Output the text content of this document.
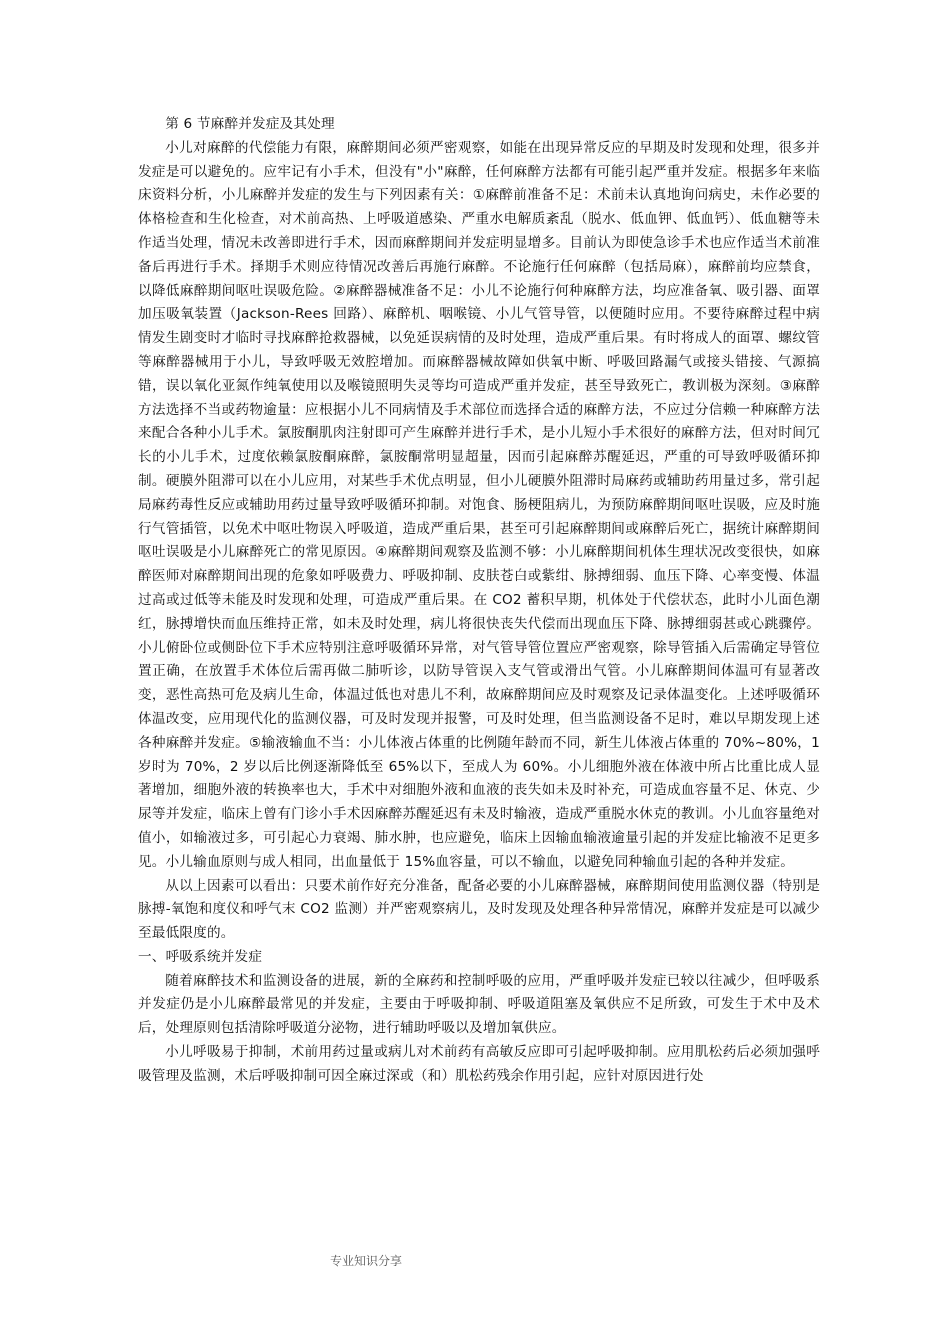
第 6 节麻醉并发症及其处理

小儿对麻醉的代偿能力有限，麻醉期间必须严密观察，如能在出现异常反应的早期及时发现和处理，很多并发症是可以避免的。应牢记有小手术，但没有"小"麻醉，任何麻醉方法都有可能引起严重并发症。根据多年来临床资料分析，小儿麻醉并发症的发生与下列因素有关：①麻醉前准备不足：术前未认真地询问病史，未作必要的体格检查和生化检查，对术前高热、上呼吸道感染、严重水电解质紊乱（脱水、低血钾、低血钙）、低血糖等未作适当处理，情况未改善即进行手术，因而麻醉期间并发症明显增多。目前认为即使急诊手术也应作适当术前准备后再进行手术。择期手术则应待情况改善后再施行麻醉。不论施行任何麻醉（包括局麻），麻醉前均应禁食，以降低麻醉期间呕吐误吸危险。②麻醉器械准备不足：小儿不论施行何种麻醉方法，均应准备氧、吸引器、面罩加压吸氧装置（Jackson-Rees 回路）、麻醉机、咽喉镜、小儿气管导管，以便随时应用。不要待麻醉过程中病情发生剧变时才临时寻找麻醉抢救器械，以免延误病情的及时处理，造成严重后果。有时将成人的面罩、螺纹管等麻醉器械用于小儿，导致呼吸无效腔增加。而麻醉器械故障如供氧中断、呼吸回路漏气或接头错接、气源搞错，误以氧化亚氮作纯氧使用以及喉镜照明失灵等均可造成严重并发症，甚至导致死亡，教训极为深刻。③麻醉方法选择不当或药物逾量：应根据小儿不同病情及手术部位而选择合适的麻醉方法，不应过分信赖一种麻醉方法来配合各种小儿手术。氯胺酮肌肉注射即可产生麻醉并进行手术，是小儿短小手术很好的麻醉方法，但对时间冗长的小儿手术，过度依赖氯胺酮麻醉，氯胺酮常明显超量，因而引起麻醉苏醒延迟，严重的可导致呼吸循环抑制。硬膜外阻滞可以在小儿应用，对某些手术优点明显，但小儿硬膜外阻滞时局麻药或辅助药用量过多，常引起局麻药毒性反应或辅助用药过量导致呼吸循环抑制。对饱食、肠梗阻病儿，为预防麻醉期间呕吐误吸，应及时施行气管插管，以免术中呕吐物误入呼吸道，造成严重后果，甚至可引起麻醉期间或麻醉后死亡，据统计麻醉期间呕吐误吸是小儿麻醉死亡的常见原因。④麻醉期间观察及监测不够：小儿麻醉期间机体生理状况改变很快，如麻醉医师对麻醉期间出现的危象如呼吸费力、呼吸抑制、皮肤苍白或紫绀、脉搏细弱、血压下降、心率变慢、体温过高或过低等未能及时发现和处理，可造成严重后果。在 CO2 蓄积早期，机体处于代偿状态，此时小儿面色潮红，脉搏增快而血压维持正常，如未及时处理，病儿将很快丧失代偿而出现血压下降、脉搏细弱甚或心跳骤停。小儿俯卧位或侧卧位下手术应特别注意呼吸循环异常，对气管导管位置应严密观察，除导管插入后需确定导管位置正确，在放置手术体位后需再做二肺听诊，以防导管误入支气管或滑出气管。小儿麻醉期间体温可有显著改变，恶性高热可危及病儿生命，体温过低也对患儿不利，故麻醉期间应及时观察及记录体温变化。上述呼吸循环体温改变，应用现代化的监测仪器，可及时发现并报警，可及时处理，但当监测设备不足时，难以早期发现上述各种麻醉并发症。⑤输液输血不当：小儿体液占体重的比例随年龄而不同，新生儿体液占体重的 70%~80%，1 岁时为 70%，2 岁以后比例逐渐降低至 65%以下，至成人为 60%。小儿细胞外液在体液中所占比重比成人显著增加，细胞外液的转换率也大，手术中对细胞外液和血液的丧失如未及时补充，可造成血容量不足、休克、少尿等并发症，临床上曾有门诊小手术因麻醉苏醒延迟有未及时输液，造成严重脱水休克的教训。小儿血容量绝对值小，如输液过多，可引起心力衰竭、肺水肿，也应避免，临床上因输血输液逾量引起的并发症比输液不足更多见。小儿输血原则与成人相同，出血量低于 15%血容量，可以不输血，以避免同种输血引起的各种并发症。

从以上因素可以看出：只要术前作好充分准备，配备必要的小儿麻醉器械，麻醉期间使用监测仪器（特别是脉搏-氧饱和度仪和呼气末 CO2 监测）并严密观察病儿，及时发现及处理各种异常情况，麻醉并发症是可以减少至最低限度的。

一、呼吸系统并发症

随着麻醉技术和监测设备的进展，新的全麻药和控制呼吸的应用，严重呼吸并发症已较以往减少，但呼吸系并发症仍是小儿麻醉最常见的并发症，主要由于呼吸抑制、呼吸道阻塞及氧供应不足所致，可发生于术中及术后，处理原则包括清除呼吸道分泌物，进行辅助呼吸以及增加氧供应。

小儿呼吸易于抑制，术前用药过量或病儿对术前药有高敏反应即可引起呼吸抑制。应用肌松药后必须加强呼吸管理及监测，术后呼吸抑制可因全麻过深或（和）肌松药残余作用引起，应针对原因进行处

专业知识分享
